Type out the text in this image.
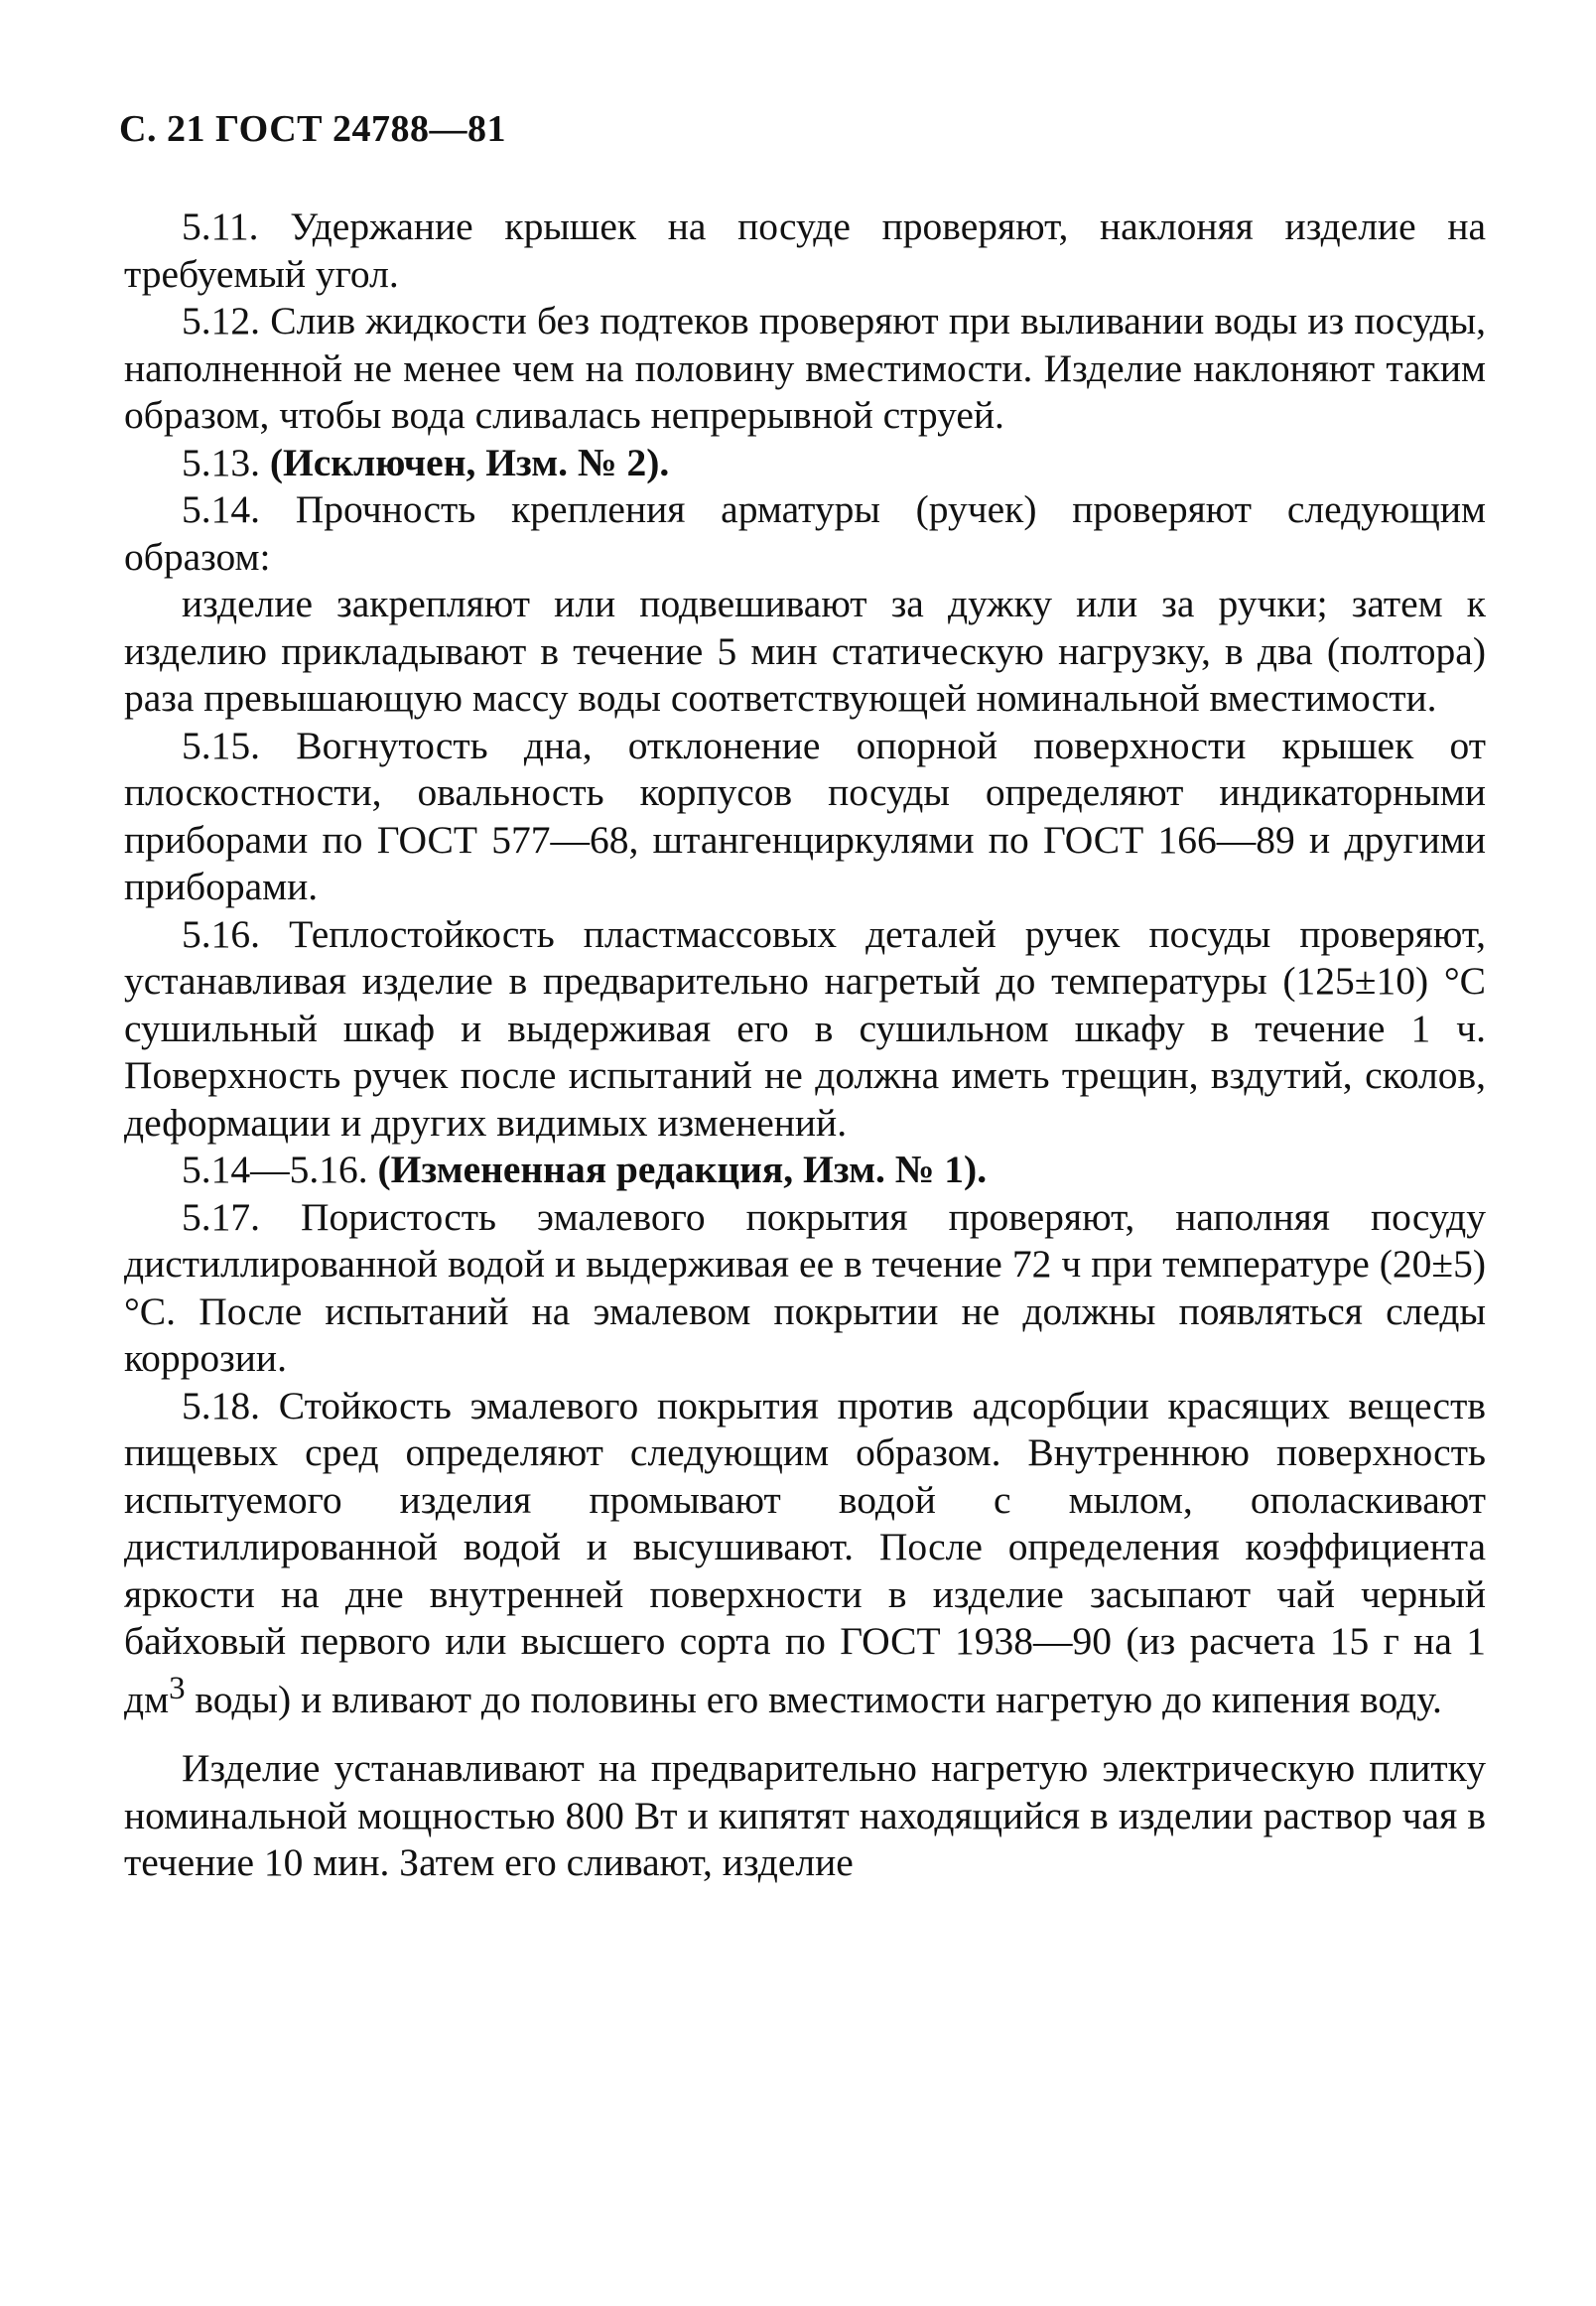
С. 21 ГОСТ 24788—81

5.11. Удержание крышек на посуде проверяют, наклоняя изделие на требуемый угол.

5.12. Слив жидкости без подтеков проверяют при выливании воды из посуды, наполненной не менее чем на половину вместимости. Изделие наклоняют таким образом, чтобы вода сливалась непрерывной струей.

5.13. (Исключен, Изм. № 2).

5.14. Прочность крепления арматуры (ручек) проверяют следующим образом:

изделие закрепляют или подвешивают за дужку или за ручки; затем к изделию прикладывают в течение 5 мин статическую нагрузку, в два (полтора) раза превышающую массу воды соответствующей номинальной вместимости.

5.15. Вогнутость дна, отклонение опорной поверхности крышек от плоскостности, овальность корпусов посуды определяют индикаторными приборами по ГОСТ 577—68, штангенциркулями по ГОСТ 166—89 и другими приборами.

5.16. Теплостойкость пластмассовых деталей ручек посуды проверяют, устанавливая изделие в предварительно нагретый до температуры (125±10) °С сушильный шкаф и выдерживая его в сушильном шкафу в течение 1 ч. Поверхность ручек после испытаний не должна иметь трещин, вздутий, сколов, деформации и других видимых изменений.

5.14—5.16. (Измененная редакция, Изм. № 1).

5.17. Пористость эмалевого покрытия проверяют, наполняя посуду дистиллированной водой и выдерживая ее в течение 72 ч при температуре (20±5) °С. После испытаний на эмалевом покрытии не должны появляться следы коррозии.

5.18. Стойкость эмалевого покрытия против адсорбции красящих веществ пищевых сред определяют следующим образом. Внутреннюю поверхность испытуемого изделия промывают водой с мылом, ополаскивают дистиллированной водой и высушивают. После определения коэффициента яркости на дне внутренней поверхности в изделие засыпают чай черный байховый первого или высшего сорта по ГОСТ 1938—90 (из расчета 15 г на 1 $дм^3$ воды) и вливают до половины его вместимости нагретую до кипения воду.

Изделие устанавливают на предварительно нагретую электрическую плитку номинальной мощностью 800 Вт и кипятят находящийся в изделии раствор чая в течение 10 мин. Затем его сливают, изделие
